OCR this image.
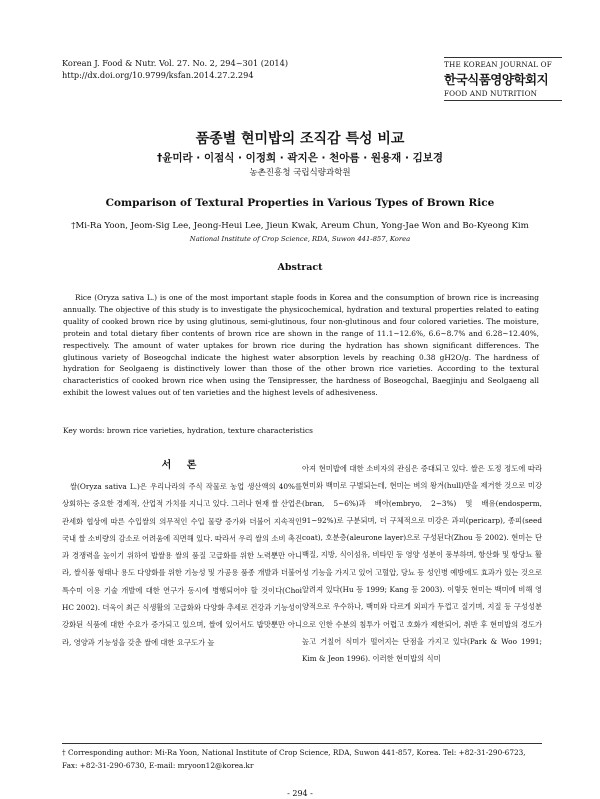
Korean J. Food & Nutr. Vol. 27. No. 2, 294~301 (2014)
http://dx.doi.org/10.9799/ksfan.2014.27.2.294
THE KOREAN JOURNAL OF
한국식품영양학회지
FOOD AND NUTRITION
품종별 현미밥의 조직감 특성 비교
†윤미라 · 이점식 · 이정희 · 곽지은 · 천아름 · 원용재 · 김보경
농촌진흥청 국립식량과학원
Comparison of Textural Properties in Various Types of Brown Rice
†Mi-Ra Yoon, Jeom-Sig Lee, Jeong-Heui Lee, Jieun Kwak, Areum Chun, Yong-Jae Won and Bo-Kyeong Kim
National Institute of Crop Science, RDA, Suwon 441-857, Korea
Abstract

Rice (Oryza sativa L.) is one of the most important staple foods in Korea and the consumption of brown rice is increasing annually. The objective of this study is to investigate the physicochemical, hydration and textural properties related to eating quality of cooked brown rice by using glutinous, semi-glutinous, four non-glutinous and four colored varieties. The moisture, protein and total dietary fiber contents of brown rice are shown in the range of 11.1~12.6%, 6.6~8.7% and 6.28~12.40%, respectively. The amount of water uptakes for brown rice during the hydration has shown significant differences. The glutinous variety of Boseogchal indicate the highest water absorption levels by reaching 0.38 gH2O/g. The hardness of hydration for Seolgaeng is distinctively lower than those of the other brown rice varieties. According to the textural characteristics of cooked brown rice when using the Tensipresser, the hardness of Boseogchal, Baegjinju and Seolgaeng all exhibit the lowest values out of ten varieties and the highest levels of adhesiveness.

Key words: brown rice varieties, hydration, texture characteristics

서 론

쌀(Oryza sativa L.)은 우리나라의 주식 작물로 농업 생산액의 40%를 상회하는 중요한 경제적, 산업적 가치를 지니고 있다. 그러나 현재 쌀 산업은 관세화 협상에 따른 수입쌀의 의무적인 수입 물량 증가와 더불어 지속적인 국내 쌀 소비량의 감소로 어려움에 직면해 있다. 따라서 우리 쌀의 소비 촉진과 경쟁력을 높이기 위하여 밥쌀용 쌀의 품질 고급화를 위한 노력뿐만 아니라, 쌀식품 형태나 용도 다양화를 위한 기능성 및 가공용 품종 개발과 더불어 특수미 이용 기술 개발에 대한 연구가 동시에 병행되어야 할 것이다(Choi HC 2002). 더욱이 최근 식생활의 고급화와 다양화 추세로 건강과 기능성이 강화된 식품에 대한 수요가 증가되고 있으며, 쌀에 있어서도 밥맛뿐만 아니라, 영양과 기능성을 갖춘 쌀에 대한 요구도가 높

아져 현미밥에 대한 소비자의 관심은 증대되고 있다. 쌀은 도정 정도에 따라 현미와 백미로 구별되는데, 현미는 벼의 왕겨(hull)만을 제거한 것으로 미강(bran, 5~6%)과 배아(embryo, 2~3%) 및 배유(endosperm, 91~92%)로 구분되며, 더 구체적으로 미강은 과피(pericarp), 종피(seed coat), 호분층(aleurone layer)으로 구성된다(Zhou 등 2002). 현미는 단백질, 지방, 식이섬유, 비타민 등 영양 성분이 풍부하며, 항산화 및 항당뇨 활성 기능을 가지고 있어 고혈압, 당뇨 등 성인병 예방에도 효과가 있는 것으로 알려져 있다(Hu 등 1999; Kang 등 2003). 이렇듯 현미는 백미에 비해 영양적으로 우수하나, 백미와 다르게 외피가 두껍고 질기며, 지질 등 구성성분으로 인한 수분의 침투가 어렵고 호화가 제한되어, 취반 후 현미밥의 경도가 높고 거칠어 식미가 떨어지는 단점을 가지고 있다(Park & Woo 1991; Kim & Jeon 1996). 이러한 현미밥의 식미

† Corresponding author: Mi-Ra Yoon, National Institute of Crop Science, RDA, Suwon 441-857, Korea. Tel: +82-31-290-6723, Fax: +82-31-290-6730, E-mail: mryoon12@korea.kr
- 294 -
